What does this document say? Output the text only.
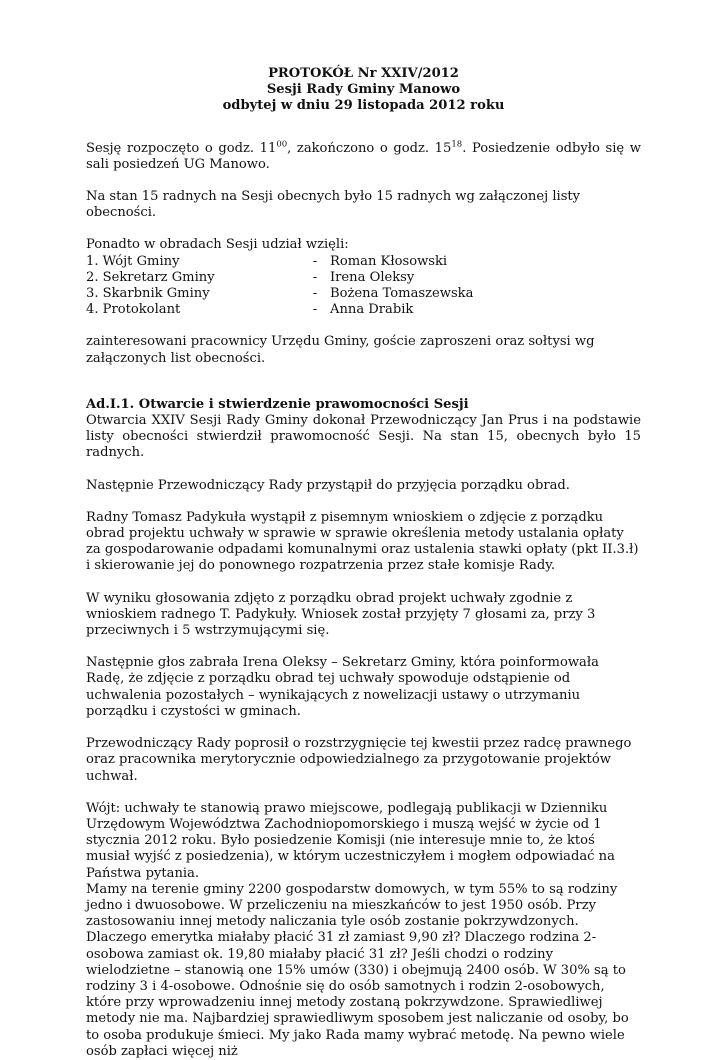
PROTOKÓŁ Nr XXIV/2012
Sesji Rady Gminy Manowo
odbytej w dniu 29 listopada 2012 roku

Sesję rozpoczęto o godz. $11^{00}$, zakończono o godz. $15^{18}$. Posiedzenie odbyło się w sali posiedzeń UG Manowo.

Na stan 15 radnych na Sesji obecnych było 15 radnych wg załączonej listy obecności.

Ponadto w obradach Sesji udział wzięli:
1. Wójt Gminy	- Roman Kłosowski
2. Sekretarz Gminy	- Irena Oleksy
3. Skarbnik Gminy	- Bożena Tomaszewska
4. Protokolant	- Anna Drabik

zainteresowani pracownicy Urzędu Gminy, goście zaproszeni oraz sołtysi wg załączonych list obecności.

Ad.I.1. Otwarcie i stwierdzenie prawomocności Sesji

Otwarcia XXIV Sesji Rady Gminy dokonał Przewodniczący Jan Prus i na podstawie listy obecności stwierdził prawomocność Sesji. Na stan 15, obecnych było 15 radnych.

Następnie Przewodniczący Rady przystąpił do przyjęcia porządku obrad.

Radny Tomasz Padykuła wystąpił z pisemnym wnioskiem o zdjęcie z porządku obrad projektu uchwały w sprawie w sprawie określenia metody ustalania opłaty za gospodarowanie odpadami komunalnymi oraz ustalenia stawki opłaty (pkt II.3.ł) i skierowanie jej do ponownego rozpatrzenia przez stałe komisje Rady.

W wyniku głosowania zdjęto z porządku obrad projekt uchwały zgodnie z wnioskiem radnego T. Padykuły. Wniosek został przyjęty 7 głosami za, przy 3 przeciwnych i 5 wstrzymującymi się.

Następnie głos zabrała Irena Oleksy – Sekretarz Gminy, która poinformowała Radę, że zdjęcie z porządku obrad tej uchwały spowoduje odstąpienie od uchwalenia pozostałych – wynikających z nowelizacji ustawy o utrzymaniu porządku i czystości w gminach.

Przewodniczący Rady poprosił o rozstrzygnięcie tej kwestii przez radcę prawnego oraz pracownika merytorycznie odpowiedzialnego za przygotowanie projektów uchwał.

Wójt: uchwały te stanowią prawo miejscowe, podlegają publikacji w Dzienniku Urzędowym Województwa Zachodniopomorskiego i muszą wejść w życie od 1 stycznia 2012 roku. Było posiedzenie Komisji (nie interesuje mnie to, że ktoś musiał wyjść z posiedzenia), w którym uczestniczyłem i mogłem odpowiadać na Państwa pytania.
Mamy na terenie gminy 2200 gospodarstw domowych, w tym 55% to są rodziny jedno i dwuosobowe. W przeliczeniu na mieszkańców to jest 1950 osób. Przy zastosowaniu innej metody naliczania tyle osób zostanie pokrzywdzonych. Dlaczego emerytka miałaby płacić 31 zł zamiast 9,90 zł? Dlaczego rodzina 2-osobowa zamiast ok. 19,80 miałaby płacić 31 zł? Jeśli chodzi o rodziny wielodzietne – stanowią one 15% umów (330) i obejmują 2400 osób. W 30% są to rodziny 3 i 4-osobowe. Odnośnie się do osób samotnych i rodzin 2-osobowych, które przy wprowadzeniu innej metody zostaną pokrzywdzone. Sprawiedliwej metody nie ma. Najbardziej sprawiedliwym sposobem jest naliczanie od osoby, bo to osoba produkuje śmieci. My jako Rada mamy wybrać metodę. Na pewno wiele osób zapłaci więcej niż
